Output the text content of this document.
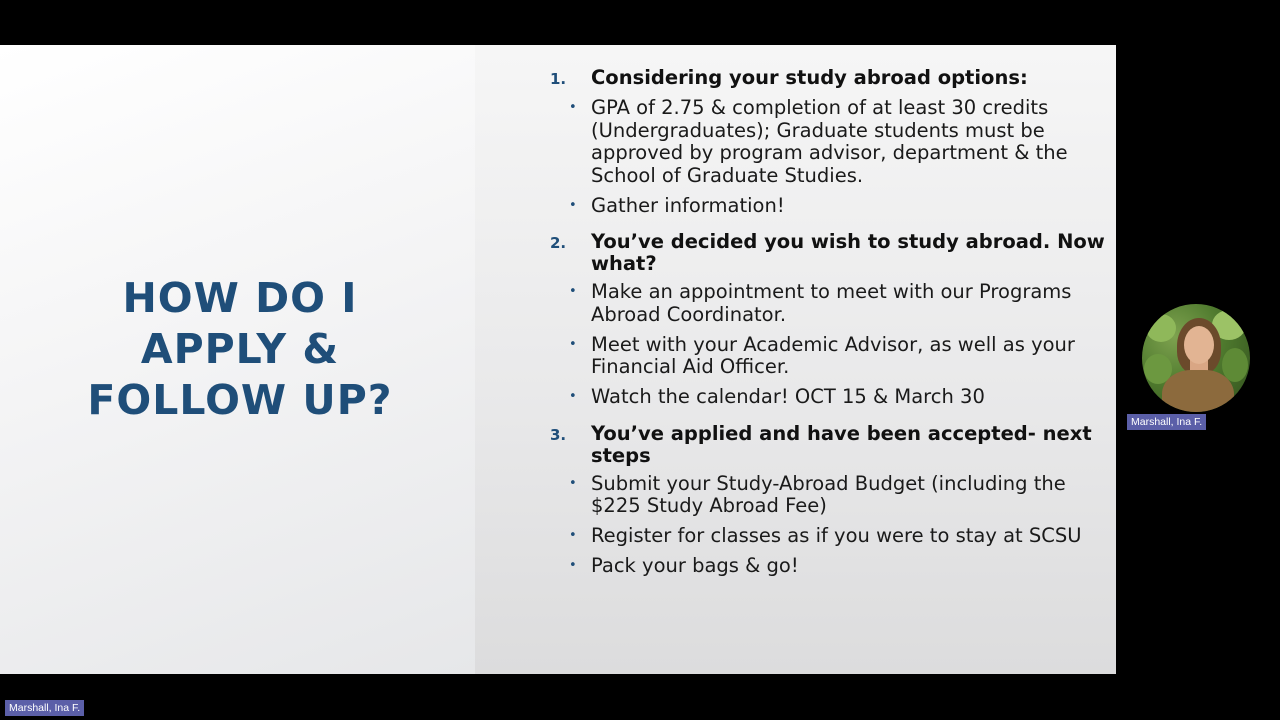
HOW DO I
APPLY &
FOLLOW UP?
1.	Considering your study abroad options:
• GPA of 2.75 & completion of at least 30 credits (Undergraduates); Graduate students must be approved by program advisor, department & the School of Graduate Studies.
• Gather information!
2.	You’ve decided you wish to study abroad. Now what?
• Make an appointment to meet with our Programs Abroad Coordinator.
• Meet with your Academic Advisor, as well as your Financial Aid Officer.
• Watch the calendar! OCT 15 & March 30
3.	You’ve applied and have been accepted- next steps
• Submit your Study-Abroad Budget (including the $225 Study Abroad Fee)
• Register for classes as if you were to stay at SCSU
• Pack your bags & go!
Marshall, Ina F.
Marshall, Ina F.
